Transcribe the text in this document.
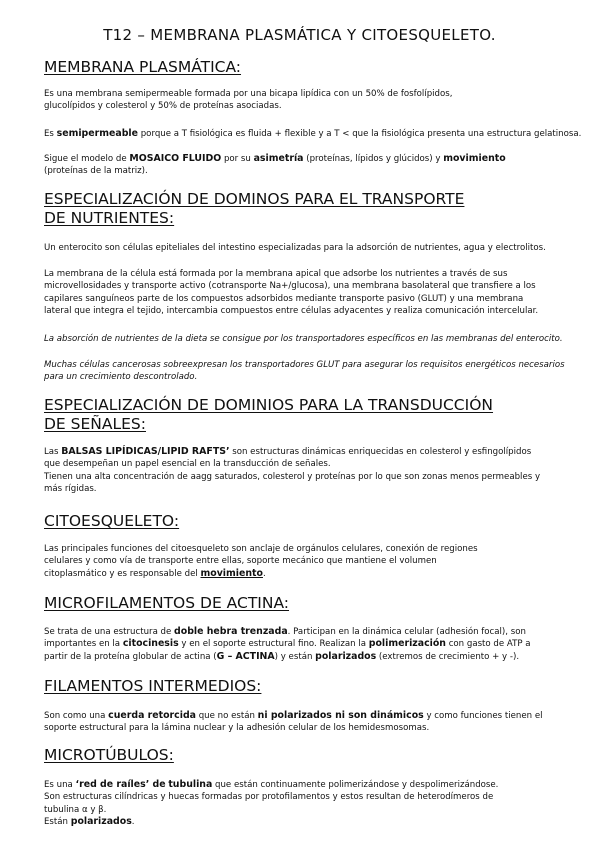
T12 – MEMBRANA PLASMÁTICA Y CITOESQUELETO.
MEMBRANA PLASMÁTICA:

Es una membrana semipermeable formada por una bicapa lipídica con un 50% de fosfolípidos,
glucolípidos y colesterol y 50% de proteínas asociadas.

Es semipermeable porque a T fisiológica es fluida + flexible y a T < que la fisiológica presenta una estructura gelatinosa.

Sigue el modelo de MOSAICO FLUIDO por su asimetría (proteínas, lípidos y glúcidos) y movimiento
(proteínas de la matriz).

ESPECIALIZACIÓN DE DOMINOS PARA EL TRANSPORTE
DE NUTRIENTES:

Un enterocito son células epiteliales del intestino especializadas para la adsorción de nutrientes, agua y electrolitos.

La membrana de la célula está formada por la membrana apical que adsorbe los nutrientes a través de sus
microvellosidades y transporte activo (cotransporte Na+/glucosa), una membrana basolateral que transfiere a los
capilares sanguíneos parte de los compuestos adsorbidos mediante transporte pasivo (GLUT) y una membrana
lateral que integra el tejido, intercambia compuestos entre células adyacentes y realiza comunicación intercelular.

La absorción de nutrientes de la dieta se consigue por los transportadores específicos en las membranas del enterocito.

Muchas células cancerosas sobreexpresan los transportadores GLUT para asegurar los requisitos energéticos necesarios
para un crecimiento descontrolado.

ESPECIALIZACIÓN DE DOMINIOS PARA LA TRANSDUCCIÓN
DE SEÑALES:

Las BALSAS LIPÍDICAS/LIPID RAFTS’ son estructuras dinámicas enriquecidas en colesterol y esfingolípidos
que desempeñan un papel esencial en la transducción de señales.
Tienen una alta concentración de aagg saturados, colesterol y proteínas por lo que son zonas menos permeables y
más rígidas.

CITOESQUELETO:

Las principales funciones del citoesqueleto son anclaje de orgánulos celulares, conexión de regiones
celulares y como vía de transporte entre ellas, soporte mecánico que mantiene el volumen
citoplasmático y es responsable del movimiento.

MICROFILAMENTOS DE ACTINA:

Se trata de una estructura de doble hebra trenzada. Participan en la dinámica celular (adhesión focal), son
importantes en la citocinesis y en el soporte estructural fino. Realizan la polimerización con gasto de ATP a
partir de la proteína globular de actina (G – ACTINA) y están polarizados (extremos de crecimiento + y -).

FILAMENTOS INTERMEDIOS:

Son como una cuerda retorcida que no están ni polarizados ni son dinámicos y como funciones tienen el
soporte estructural para la lámina nuclear y la adhesión celular de los hemidesmosomas.

MICROTÚBULOS:

Es una ‘red de raíles’ de tubulina que están continuamente polimerizándose y despolimerizándose.
Son estructuras cilíndricas y huecas formadas por protofilamentos y estos resultan de heterodímeros de
tubulina α y β.
Están polarizados.
